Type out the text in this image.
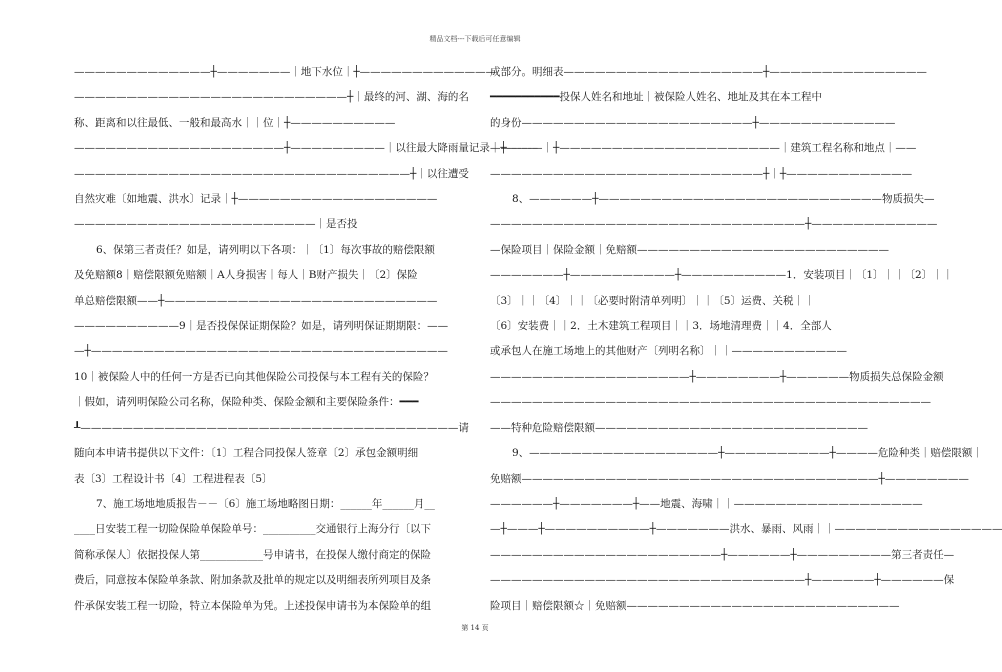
精品文档---下载后可任意编辑
—————————————┼———————｜地下水位｜┼—————————————
——————————————————————————┼｜最终的河、湖、海的名
称、距离和以往最低、一般和最高水｜｜位｜┼——————————
————————————————————┼—————————｜以往最大降雨量记录｜┼———
————————————————————————————————┼｜以往遭受
自然灾难〔如地震、洪水〕记录｜┼———————————————————
———————————————————————｜是否投
6、保第三者责任？如是，请列明以下各项：｜〔1〕每次事故的赔偿限额
及免赔额8｜赔偿限额免赔额｜A人身损害｜每人｜B财产损失｜〔2〕保险
单总赔偿限额——┼——————————————————————————
——————————9｜是否投保保证期保险？如是，请列明保证期期限：——
—┼——————————————————————————————————
10｜被保险人中的任何一方是否已向其他保险公司投保与本工程有关的保险？
｜假如，请列明保险公司名称，保险种类、保险金额和主要保险条件：━━━
┸————————————————————————————————————请
随向本申请书提供以下文件：〔1〕工程合同投保人签章〔2〕承包金额明细
表〔3〕工程设计书〔4〕工程进程表〔5〕
7、施工场地地质报告－－〔6〕施工场地略图日期：______年______月__
____日安装工程一切险保险单保险单号：__________交通银行上海分行〔以下
简称承保人〕依据投保人第____________号申请书，在投保人缴付商定的保险
费后，同意按本保险单条款、附加条款及批单的规定以及明细表所列项目及条
件承保安装工程一切险，特立本保险单为凭。上述投保申请书为本保险单的组
成部分。明细表———————————————————┼———————————————
━━━━━━━━━━━投保人姓名和地址｜被保险人姓名、地址及其在本工程中
的身份——————————————————————┼—————————————
—————｜┼—————————————————————｜建筑工程名称和地点｜——
——————————————————————————┼｜┼————————————
8、——————┼———————————————————————————物质损失—
——————————————————————————————┼————————————
—保险项目｜保险金额｜免赔额————————————————————————
———————┼——————————┼——————————1．安装项目｜〔1〕｜｜〔2〕｜｜
〔3〕｜｜〔4〕｜｜〔必要时附清单列明〕｜｜〔5〕运费、关税｜｜
〔6〕安装费｜｜2．土木建筑工程项目｜｜3．场地清理费｜｜4．全部人
或承包人在施工场地上的其他财产〔列明名称〕｜｜———————————
———————————————————┼————————┼——————物质损失总保险金额
——————————————————————————————————————————
——特种危险赔偿限额——————————————————————————
9、——————————————————┼——————————┼————危险种类｜赔偿限额｜
免赔额——————————————————————————————————┼————————
——————┼———————┼——地震、海啸｜｜——————————————————
—┼———┼——————————┼———————洪水、暴雨、风雨｜｜————————————————
——————————————————————┼——————┼—————————第三者责任—
——————————————————————————————┼——————┼——————保
险项目｜赔偿限额☆｜免赔额——————————————————————————
第 14 页
